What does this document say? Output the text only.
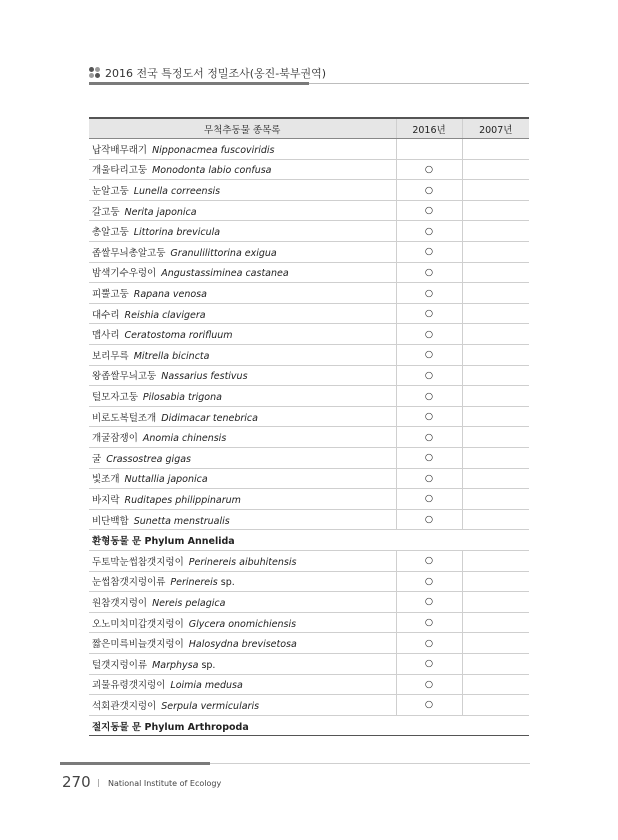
2016 전국 특정도서 정밀조사(옹진-북부권역)
무척추동물 종목록	2016년	2007년
납작배무래기 Nipponacmea fuscoviridis		
개울타리고둥 Monodonta labio confusa	○	
눈알고둥 Lunella correensis	○	
갈고둥 Nerita japonica	○	
총알고둥 Littorina brevicula	○	
좁쌀무늬총알고둥 Granulilittorina exigua	○	
밤색기수우렁이 Angustassiminea castanea	○	
피뿔고둥 Rapana venosa	○	
대수리 Reishia clavigera	○	
맵사리 Ceratostoma rorifluum	○	
보리무륵 Mitrella bicincta	○	
왕좁쌀무늬고둥 Nassarius festivus	○	
털모자고둥 Pilosabia trigona	○	
비로도복털조개 Didimacar tenebrica	○	
개굴잠쟁이 Anomia chinensis	○	
굴 Crassostrea gigas	○	
빛조개 Nuttallia japonica	○	
바지락 Ruditapes philippinarum	○	
비단백합 Sunetta menstrualis	○	
환형동물 문 Phylum Annelida		
두토막눈썹참갯지렁이 Perinereis aibuhitensis	○	
눈썹참갯지렁이류 Perinereis sp.	○	
원참갯지렁이 Nereis pelagica	○	
오노미치미갑갯지렁이 Glycera onomichiensis	○	
짧은미륵비늘갯지렁이 Halosydna brevisetosa	○	
털갯지렁이류 Marphysa sp.	○	
괴물유령갯지렁이 Loimia medusa	○	
석회관갯지렁이 Serpula vermicularis	○	
절지동물 문 Phylum Arthropoda		
270 | National Institute of Ecology
